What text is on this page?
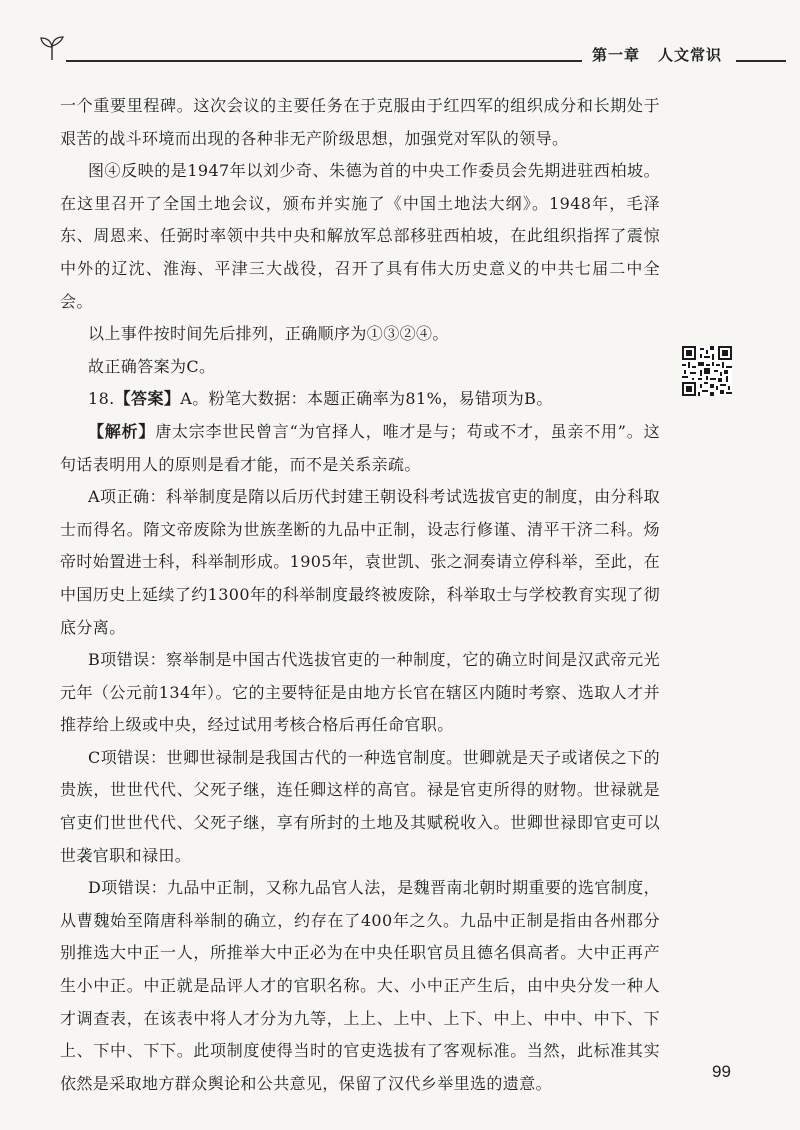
第一章 人文常识

一个重要里程碑。这次会议的主要任务在于克服由于红四军的组织成分和长期处于艰苦的战斗环境而出现的各种非无产阶级思想，加强党对军队的领导。

图④反映的是1947年以刘少奇、朱德为首的中央工作委员会先期进驻西柏坡。在这里召开了全国土地会议，颁布并实施了《中国土地法大纲》。1948年，毛泽东、周恩来、任弼时率领中共中央和解放军总部移驻西柏坡，在此组织指挥了震惊中外的辽沈、淮海、平津三大战役，召开了具有伟大历史意义的中共七届二中全会。

以上事件按时间先后排列，正确顺序为①③②④。

故正确答案为C。

18.【答案】A。粉笔大数据：本题正确率为81%，易错项为B。

【解析】唐太宗李世民曾言“为官择人，唯才是与；苟或不才，虽亲不用”。这句话表明用人的原则是看才能，而不是关系亲疏。

A项正确：科举制度是隋以后历代封建王朝设科考试选拔官吏的制度，由分科取士而得名。隋文帝废除为世族垄断的九品中正制，设志行修谨、清平干济二科。炀帝时始置进士科，科举制形成。1905年，袁世凯、张之洞奏请立停科举，至此，在中国历史上延续了约1300年的科举制度最终被废除，科举取士与学校教育实现了彻底分离。

B项错误：察举制是中国古代选拔官吏的一种制度，它的确立时间是汉武帝元光元年（公元前134年）。它的主要特征是由地方长官在辖区内随时考察、选取人才并推荐给上级或中央，经过试用考核合格后再任命官职。

C项错误：世卿世禄制是我国古代的一种选官制度。世卿就是天子或诸侯之下的贵族，世世代代、父死子继，连任卿这样的高官。禄是官吏所得的财物。世禄就是官吏们世世代代、父死子继，享有所封的土地及其赋税收入。世卿世禄即官吏可以世袭官职和禄田。

D项错误：九品中正制，又称九品官人法，是魏晋南北朝时期重要的选官制度，从曹魏始至隋唐科举制的确立，约存在了400年之久。九品中正制是指由各州郡分别推选大中正一人，所推举大中正必为在中央任职官员且德名俱高者。大中正再产生小中正。中正就是品评人才的官职名称。大、小中正产生后，由中央分发一种人才调查表，在该表中将人才分为九等，上上、上中、上下、中上、中中、中下、下上、下中、下下。此项制度使得当时的官吏选拔有了客观标准。当然，此标准其实依然是采取地方群众舆论和公共意见，保留了汉代乡举里选的遗意。

99
